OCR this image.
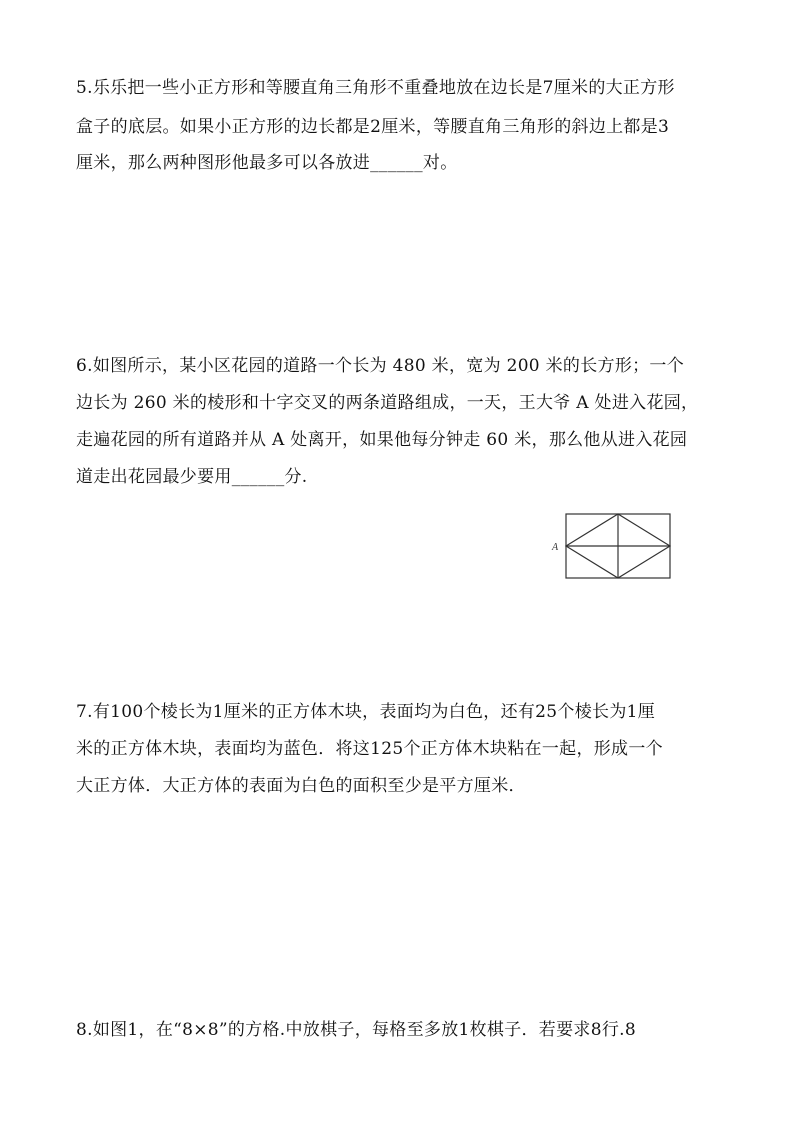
5.乐乐把一些小正方形和等腰直角三角形不重叠地放在边长是7厘米的大正方形
盒子的底层。如果小正方形的边长都是2厘米，等腰直角三角形的斜边上都是3
厘米，那么两种图形他最多可以各放进______对。
6.如图所示，某小区花园的道路一个长为 480 米，宽为 200 米的长方形；一个
边长为 260 米的棱形和十字交叉的两条道路组成，一天，王大爷 A 处进入花园，
走遍花园的所有道路并从 A 处离开，如果他每分钟走 60 米，那么他从进入花园
道走出花园最少要用______分.
A
7.有100个棱长为1厘米的正方体木块，表面均为白色，还有25个棱长为1厘
米的正方体木块，表面均为蓝色．将这125个正方体木块粘在一起，形成一个
大正方体．大正方体的表面为白色的面积至少是平方厘米．
8.如图1，在“8×8”的方格.中放棋子，每格至多放1枚棋子．若要求8行.8
